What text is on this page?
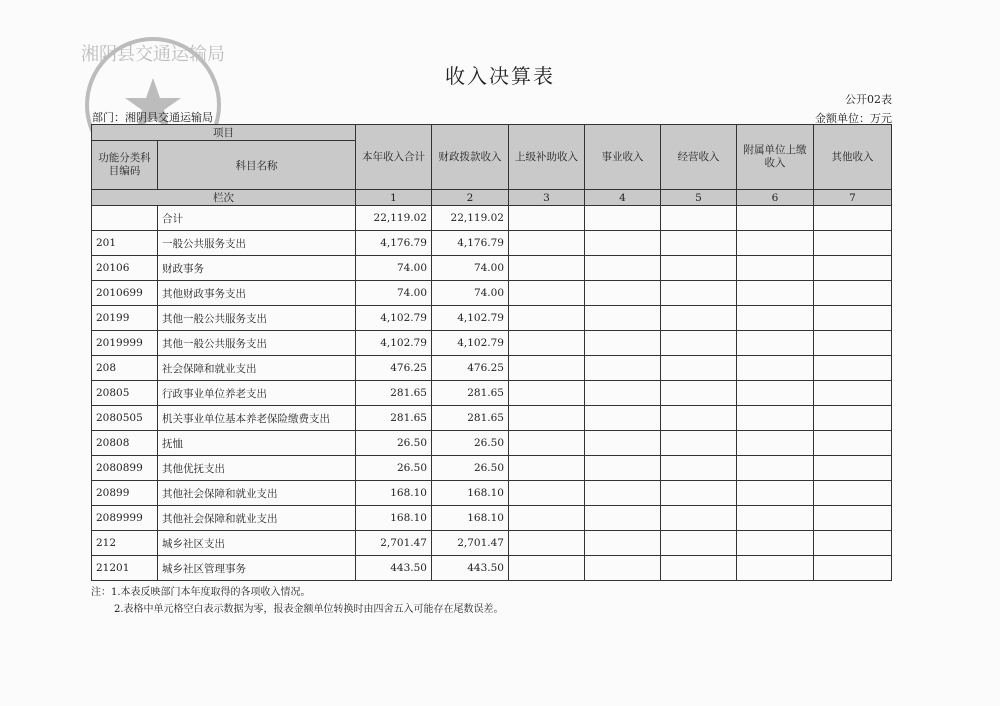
湘阴县交通运输局
收入决算表
公开02表
部门：湘阴县交通运输局	金额单位：万元
项目		本年收入合计	财政拨款收入	上级补助收入	事业收入	经营收入	附属单位上缴收入	其他收入
功能分类科目编码	科目名称							
栏次		1	2	3	4	5	6	7
	合计	22,119.02	22,119.02					
201	一般公共服务支出	4,176.79	4,176.79					
20106	财政事务	74.00	74.00					
2010699	其他财政事务支出	74.00	74.00					
20199	其他一般公共服务支出	4,102.79	4,102.79					
2019999	其他一般公共服务支出	4,102.79	4,102.79					
208	社会保障和就业支出	476.25	476.25					
20805	行政事业单位养老支出	281.65	281.65					
2080505	机关事业单位基本养老保险缴费支出	281.65	281.65					
20808	抚恤	26.50	26.50					
2080899	其他优抚支出	26.50	26.50					
20899	其他社会保障和就业支出	168.10	168.10					
2089999	其他社会保障和就业支出	168.10	168.10					
212	城乡社区支出	2,701.47	2,701.47					
21201	城乡社区管理事务	443.50	443.50					
注：1.本表反映部门本年度取得的各项收入情况。
2.表格中单元格空白表示数据为零，报表金额单位转换时由四舍五入可能存在尾数误差。
